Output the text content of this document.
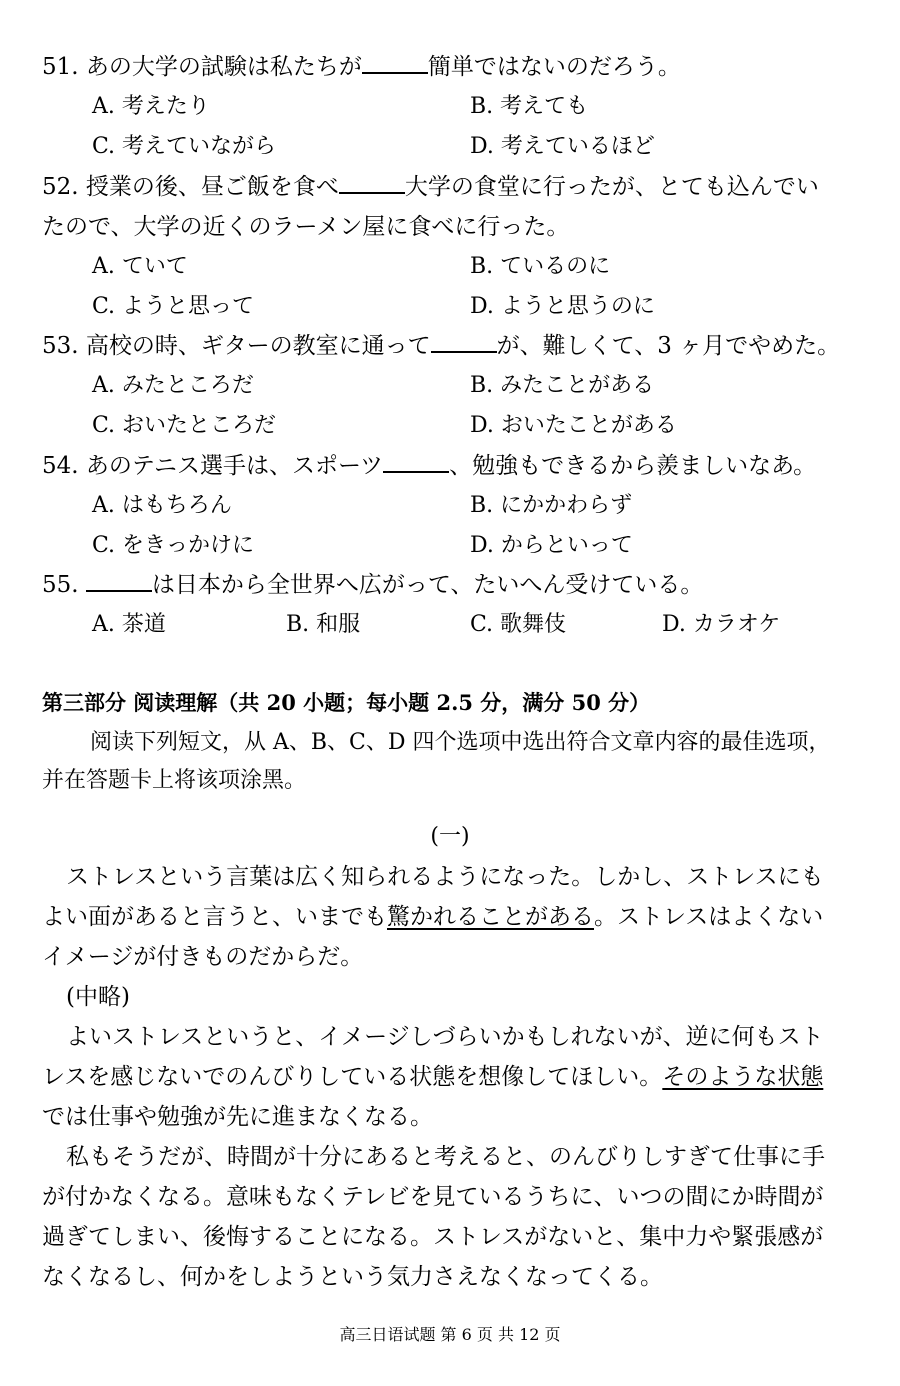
51. あの大学の試験は私たちが	簡単ではないのだろう。
A. 考えたり	B. 考えても
C. 考えていながら	D. 考えているほど
52. 授業の後、昼ご飯を食べ	大学の食堂に行ったが、とても込んでい
たので、大学の近くのラーメン屋に食べに行った。
A. ていて	B. ているのに
C. ようと思って	D. ようと思うのに
53. 高校の時、ギターの教室に通って	が、難しくて、3 ヶ月でやめた。
A. みたところだ	B. みたことがある
C. おいたところだ	D. おいたことがある
54. あのテニス選手は、スポーツ	、勉強もできるから羨ましいなあ。
A. はもちろん	B. にかかわらず
C. をきっかけに	D. からといって
55.	は日本から全世界へ広がって、たいへん受けている。
A. 茶道	B. 和服	C. 歌舞伎	D. カラオケ
第三部分 阅读理解（共 20 小题；每小题 2.5 分，满分 50 分）
阅读下列短文，从 A、B、C、D 四个选项中选出符合文章内容的最佳选项，
并在答题卡上将该项涂黑。
(一)
ストレスという言葉は広く知られるようになった。しかし、ストレスにも
よい面があると言うと、いまでも驚かれることがある。ストレスはよくない
イメージが付きものだからだ。
(中略)
よいストレスというと、イメージしづらいかもしれないが、逆に何もスト
レスを感じないでのんびりしている状態を想像してほしい。そのような状態
では仕事や勉強が先に進まなくなる。
私もそうだが、時間が十分にあると考えると、のんびりしすぎて仕事に手
が付かなくなる。意味もなくテレビを見ているうちに、いつの間にか時間が
過ぎてしまい、後悔することになる。ストレスがないと、集中力や緊張感が
なくなるし、何かをしようという気力さえなくなってくる。
高三日语试题 第 6 页 共 12 页
